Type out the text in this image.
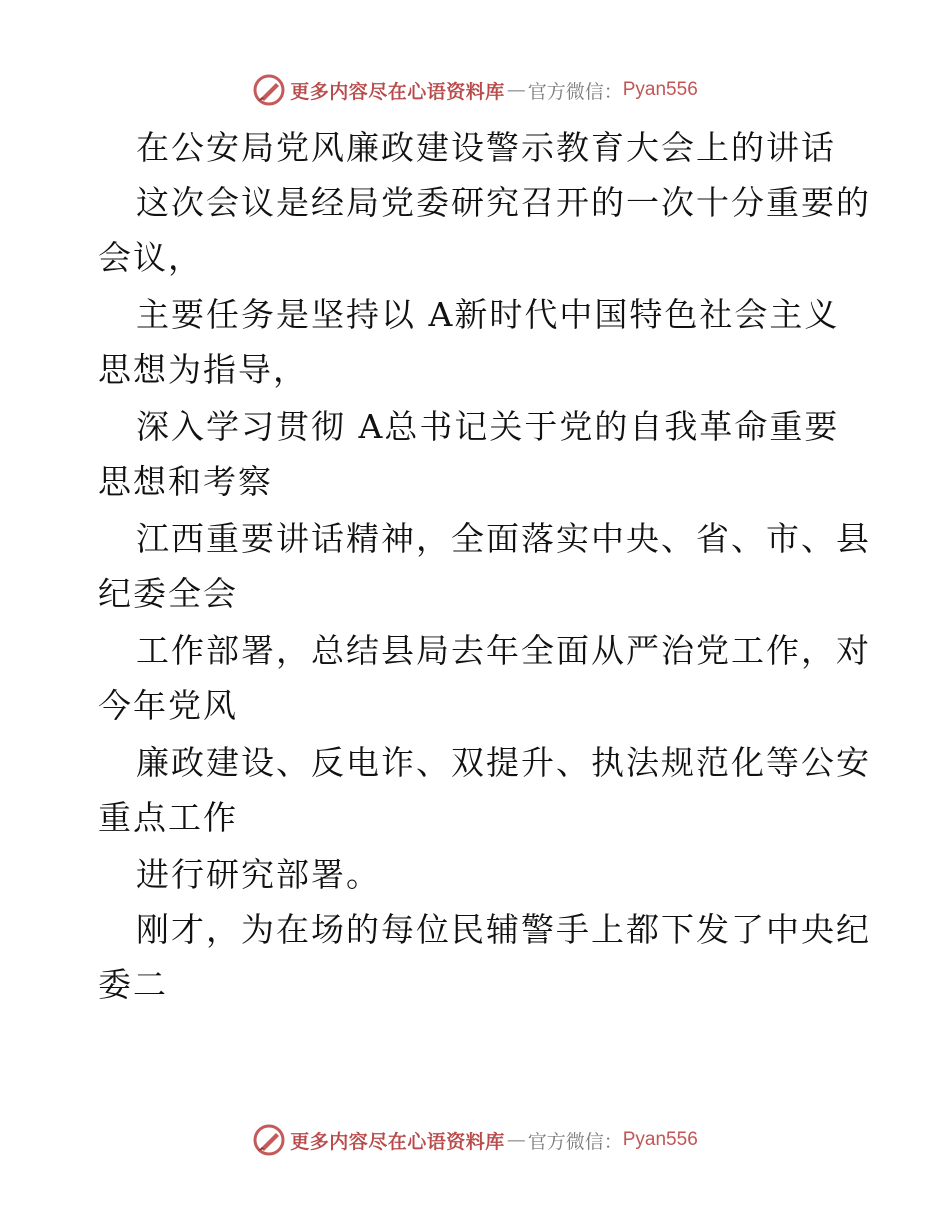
更多内容尽在心语资料库 — 官方微信： Pyan556
在公安局党风廉政建设警示教育大会上的讲话
这次会议是经局党委研究召开的一次十分重要的
会议，
主要任务是坚持以 A新时代中国特色社会主义
思想为指导，
深入学习贯彻 A总书记关于党的自我革命重要
思想和考察
江西重要讲话精神，全面落实中央、省、市、县
纪委全会
工作部署，总结县局去年全面从严治党工作，对
今年党风
廉政建设、反电诈、双提升、执法规范化等公安
重点工作
进行研究部署。
刚才，为在场的每位民辅警手上都下发了中央纪
委二
更多内容尽在心语资料库 — 官方微信： Pyan556
